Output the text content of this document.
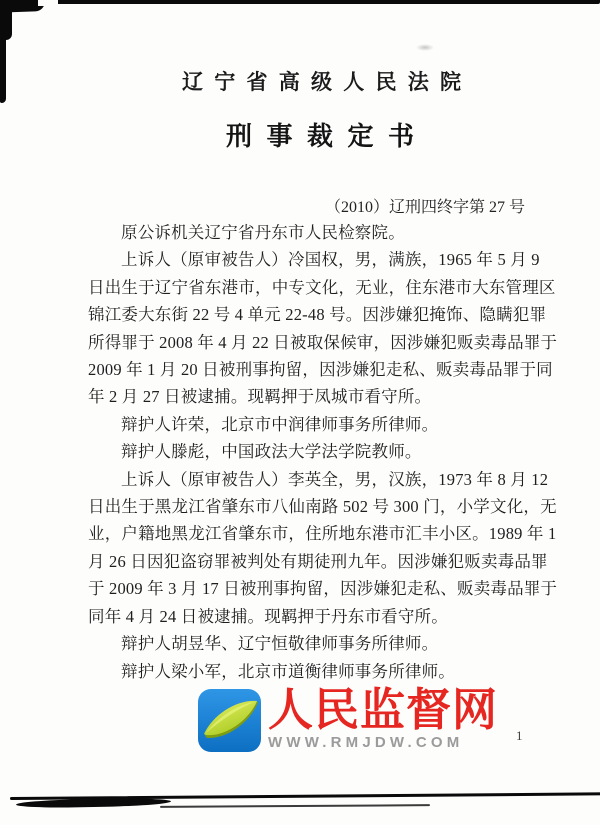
辽 宁 省 高 级 人 民 法 院
刑 事 裁 定 书
（2010）辽刑四终字第 27 号
原公诉机关辽宁省丹东市人民检察院。
上诉人（原审被告人）冷国权，男，满族，1965 年 5 月 9
日出生于辽宁省东港市，中专文化，无业，住东港市大东管理区
锦江委大东街 22 号 4 单元 22-48 号。因涉嫌犯掩饰、隐瞒犯罪
所得罪于 2008 年 4 月 22 日被取保候审，因涉嫌犯贩卖毒品罪于
2009 年 1 月 20 日被刑事拘留，因涉嫌犯走私、贩卖毒品罪于同
年 2 月 27 日被逮捕。现羁押于凤城市看守所。
辩护人许荣，北京市中润律师事务所律师。
辩护人滕彪，中国政法大学法学院教师。
上诉人（原审被告人）李英全，男，汉族，1973 年 8 月 12
日出生于黑龙江省肇东市八仙南路 502 号 300 门，小学文化，无
业，户籍地黑龙江省肇东市，住所地东港市汇丰小区。1989 年 1
月 26 日因犯盗窃罪被判处有期徒刑九年。因涉嫌犯贩卖毒品罪
于 2009 年 3 月 17 日被刑事拘留，因涉嫌犯走私、贩卖毒品罪于
同年 4 月 24 日被逮捕。现羁押于丹东市看守所。
辩护人胡昱华、辽宁恒敬律师事务所律师。
辩护人梁小军，北京市道衡律师事务所律师。
人民监督网
WWW.RMJDW.COM	1
